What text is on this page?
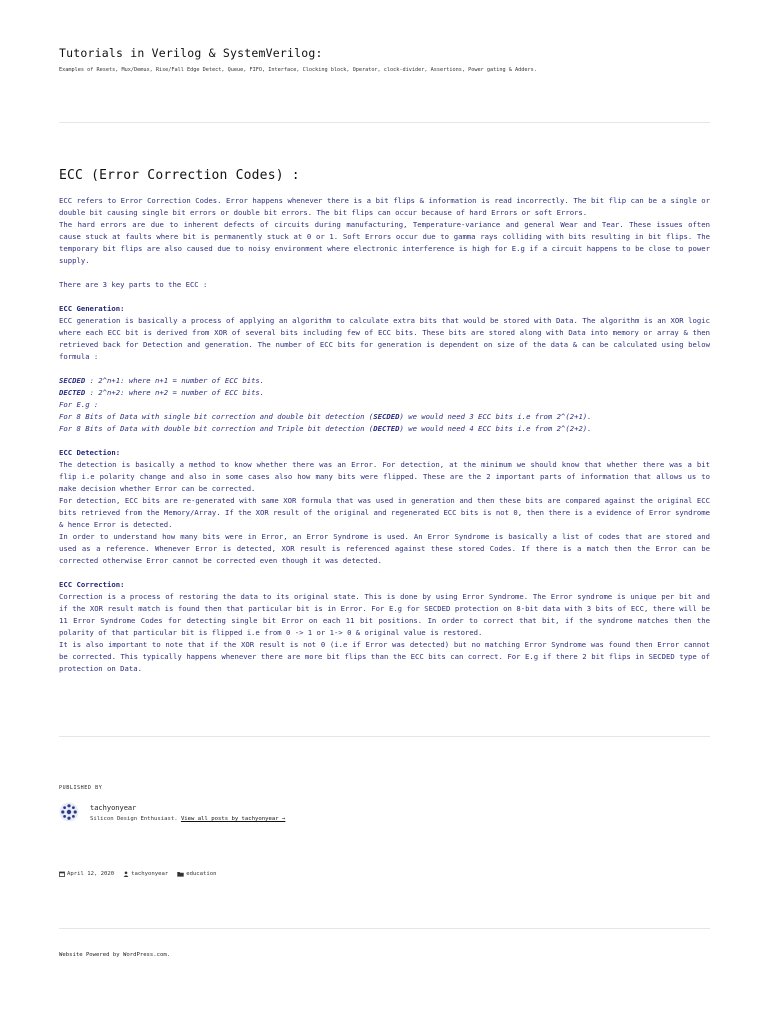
Tutorials in Verilog & SystemVerilog:
Examples of Resets, Mux/Demux, Rise/Fall Edge Detect, Queue, FIFO, Interface, Clocking block, Operator, clock-divider, Assertions, Power gating & Adders.
ECC (Error Correction Codes) :

ECC refers to Error Correction Codes. Error happens whenever there is a bit flips & information is read incorrectly. The bit flip can be a single or double bit causing single bit errors or double bit errors. The bit flips can occur because of hard Errors or soft Errors.

The hard errors are due to inherent defects of circuits during manufacturing, Temperature-variance and general Wear and Tear. These issues often cause stuck at faults where bit is permanently stuck at 0 or 1. Soft Errors occur due to gamma rays colliding with bits resulting in bit flips. The temporary bit flips are also caused due to noisy environment where electronic interference is high for E.g if a circuit happens to be close to power supply.

There are 3 key parts to the ECC :

ECC Generation:

ECC generation is basically a process of applying an algorithm to calculate extra bits that would be stored with Data. The algorithm is an XOR logic where each ECC bit is derived from XOR of several bits including few of ECC bits. These bits are stored along with Data into memory or array & then retrieved back for Detection and generation. The number of ECC bits for generation is dependent on size of the data & can be calculated using below formula :

SECDED : 2^n+1: where n+1 = number of ECC bits.

DECTED : 2^n+2: where n+2 = number of ECC bits.

For E.g :

For 8 Bits of Data with single bit correction and double bit detection (SECDED) we would need 3 ECC bits i.e from 2^(2+1).

For 8 Bits of Data with double bit correction and Triple bit detection (DECTED) we would need 4 ECC bits i.e from 2^(2+2).

ECC Detection:

The detection is basically a method to know whether there was an Error. For detection, at the minimum we should know that whether there was a bit flip i.e polarity change and also in some cases also how many bits were flipped. These are the 2 important parts of information that allows us to make decision whether Error can be corrected.

For detection, ECC bits are re-generated with same XOR formula that was used in generation and then these bits are compared against the original ECC bits retrieved from the Memory/Array. If the XOR result of the original and regenerated ECC bits is not 0, then there is a evidence of Error syndrome & hence Error is detected.

In order to understand how many bits were in Error, an Error Syndrome is used. An Error Syndrome is basically a list of codes that are stored and used as a reference. Whenever Error is detected, XOR result is referenced against these stored Codes. If there is a match then the Error can be corrected otherwise Error cannot be corrected even though it was detected.

ECC Correction:

Correction is a process of restoring the data to its original state. This is done by using Error Syndrome. The Error syndrome is unique per bit and if the XOR result match is found then that particular bit is in Error. For E.g for SECDED protection on 8-bit data with 3 bits of ECC, there will be 11 Error Syndrome Codes for detecting single bit Error on each 11 bit positions. In order to correct that bit, if the syndrome matches then the polarity of that particular bit is flipped i.e from 0 -> 1 or 1-> 0 & original value is restored.

It is also important to note that if the XOR result is not 0 (i.e if Error was detected) but no matching Error Syndrome was found then Error cannot be corrected. This typically happens whenever there are more bit flips than the ECC bits can correct. For E.g if there 2 bit flips in SECDED type of protection on Data.

PUBLISHED BY
tachyonyear
Silicon Design Enthusiast. View all posts by tachyonyear →
April 12, 2020	tachyonyear	education
Website Powered by WordPress.com.
